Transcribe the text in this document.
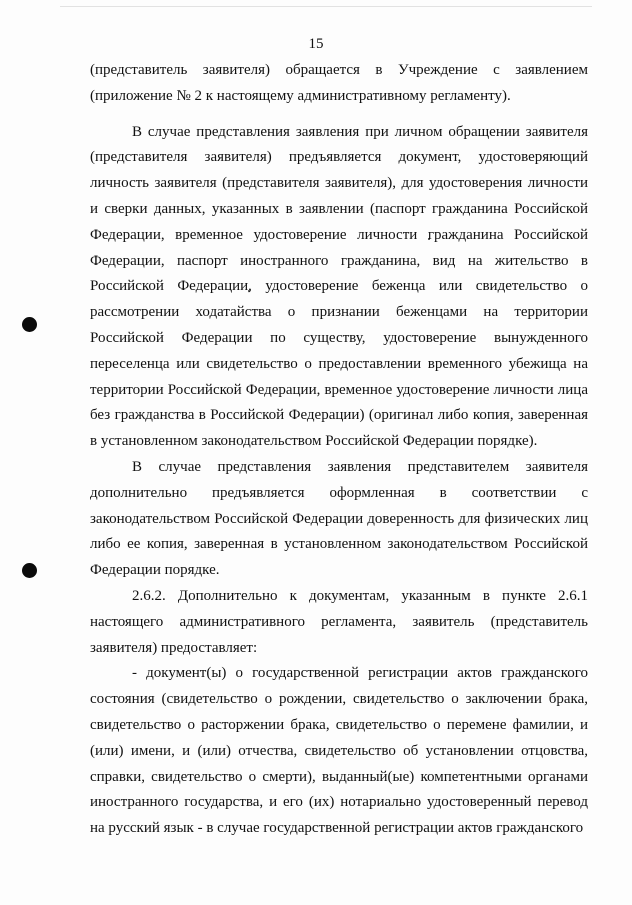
15

(представитель заявителя) обращается в Учреждение с заявлением (приложение № 2 к настоящему административному регламенту).

В случае представления заявления при личном обращении заявителя (представителя заявителя) предъявляется документ, удостоверяющий личность заявителя (представителя заявителя), для удостоверения личности и сверки данных, указанных в заявлении (паспорт гражданина Российской Федерации, временное удостоверение личности гражданина Российской Федерации, паспорт иностранного гражданина, вид на жительство в Российской Федерации, удостоверение беженца или свидетельство о рассмотрении ходатайства о признании беженцами на территории Российской Федерации по существу, удостоверение вынужденного переселенца или свидетельство о предоставлении временного убежища на территории Российской Федерации, временное удостоверение личности лица без гражданства в Российской Федерации) (оригинал либо копия, заверенная в установленном законодательством Российской Федерации порядке).

В случае представления заявления представителем заявителя дополнительно предъявляется оформленная в соответствии с законодательством Российской Федерации доверенность для физических лиц либо ее копия, заверенная в установленном законодательством Российской Федерации порядке.

2.6.2. Дополнительно к документам, указанным в пункте 2.6.1 настоящего административного регламента, заявитель (представитель заявителя) предоставляет:

- документ(ы) о государственной регистрации актов гражданского состояния (свидетельство о рождении, свидетельство о заключении брака, свидетельство о расторжении брака, свидетельство о перемене фамилии, и (или) имени, и (или) отчества, свидетельство об установлении отцовства, справки, свидетельство о смерти), выданный(ые) компетентными органами иностранного государства, и его (их) нотариально удостоверенный перевод на русский язык - в случае государственной регистрации актов гражданского
